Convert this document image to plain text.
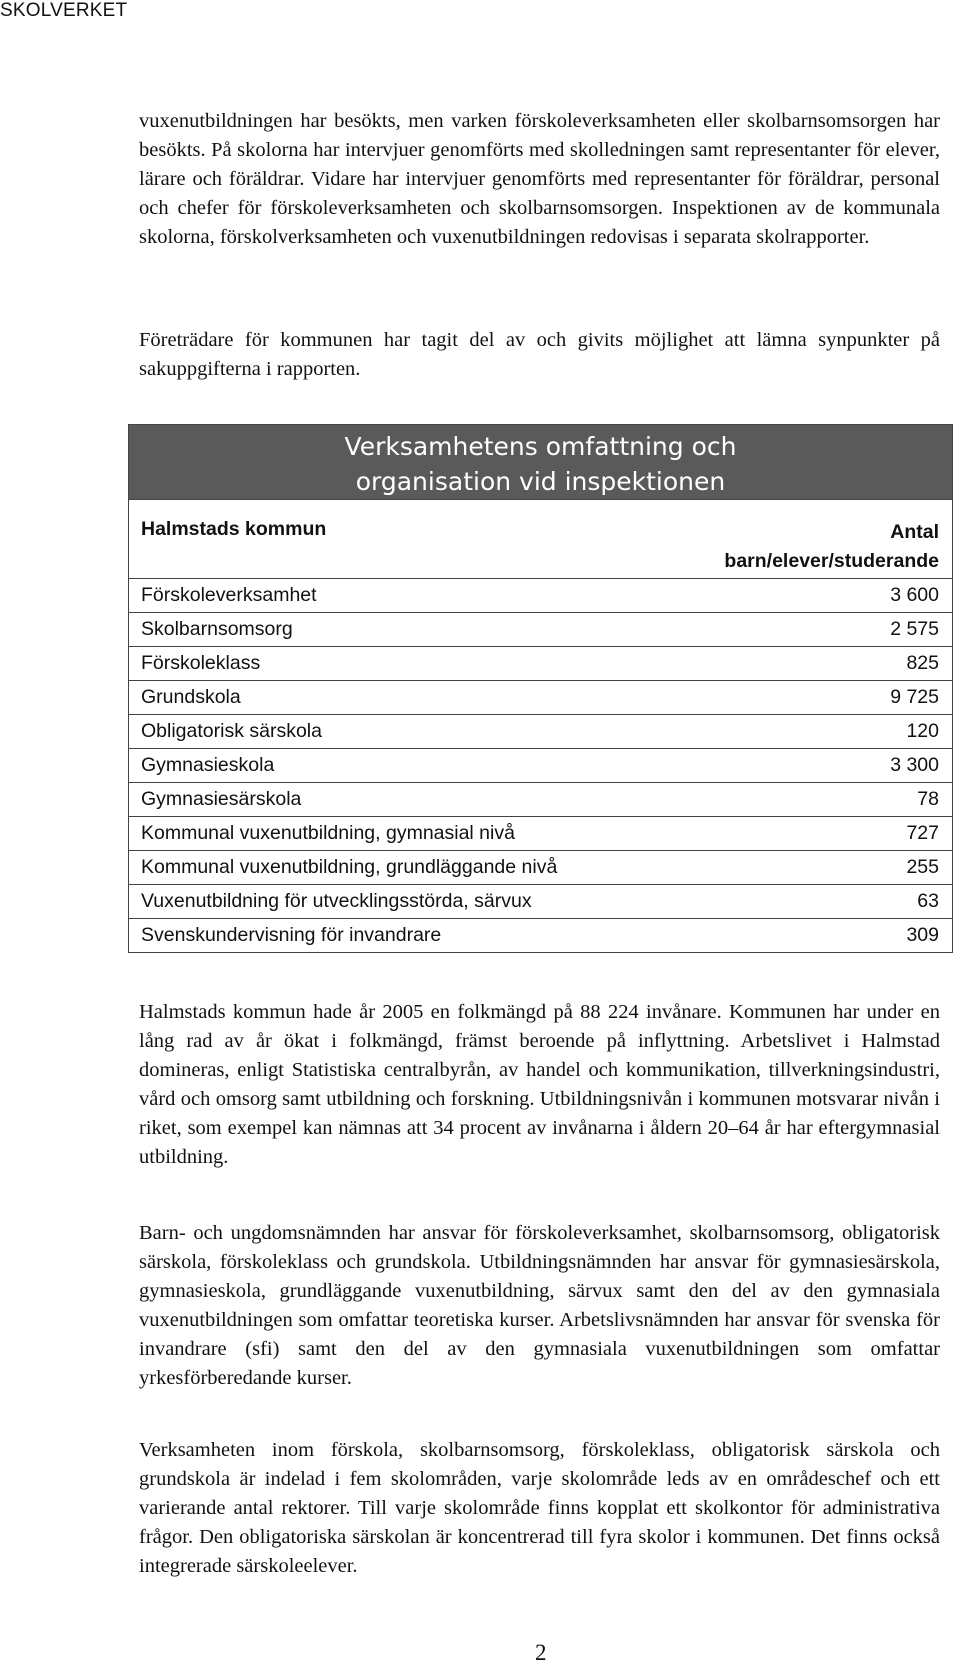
SKOLVERKET

vuxenutbildningen har besökts, men varken förskoleverksamheten eller skolbarnsomsorgen har besökts. På skolorna har intervjuer genomförts med skolledningen samt representanter för elever, lärare och föräldrar. Vidare har intervjuer genomförts med representanter för föräldrar, personal och chefer för förskoleverksamheten och skolbarnsomsorgen. Inspektionen av de kommunala skolorna, förskolverksamheten och vuxenutbildningen redovisas i separata skolrapporter.

Företrädare för kommunen har tagit del av och givits möjlighet att lämna synpunkter på sakuppgifterna i rapporten.

Verksamhetens omfattning och
organisation vid inspektionen
Halmstads kommun	Antal
barn/elever/studerande
Förskoleverksamhet	3 600
Skolbarnsomsorg	2 575
Förskoleklass	825
Grundskola	9 725
Obligatorisk särskola	120
Gymnasieskola	3 300
Gymnasiesärskola	78
Kommunal vuxenutbildning, gymnasial nivå	727
Kommunal vuxenutbildning, grundläggande nivå	255
Vuxenutbildning för utvecklingsstörda, särvux	63
Svenskundervisning för invandrare	309

Halmstads kommun hade år 2005 en folkmängd på 88 224 invånare. Kommunen har under en lång rad av år ökat i folkmängd, främst beroende på inflyttning. Arbetslivet i Halmstad domineras, enligt Statistiska centralbyrån, av handel och kommunikation, tillverkningsindustri, vård och omsorg samt utbildning och forskning. Utbildningsnivån i kommunen motsvarar nivån i riket, som exempel kan nämnas att 34 procent av invånarna i åldern 20–64 år har eftergymnasial utbildning.

Barn- och ungdomsnämnden har ansvar för förskoleverksamhet, skolbarnsomsorg, obligatorisk särskola, förskoleklass och grundskola. Utbildningsnämnden har ansvar för gymnasiesärskola, gymnasieskola, grundläggande vuxenutbildning, särvux samt den del av den gymnasiala vuxenutbildningen som omfattar teoretiska kurser. Arbetslivsnämnden har ansvar för svenska för invandrare (sfi) samt den del av den gymnasiala vuxenutbildningen som omfattar yrkesförberedande kurser.

Verksamheten inom förskola, skolbarnsomsorg, förskoleklass, obligatorisk särskola och grundskola är indelad i fem skolområden, varje skolområde leds av en områdeschef och ett varierande antal rektorer. Till varje skolområde finns kopplat ett skolkontor för administrativa frågor. Den obligatoriska särskolan är koncentrerad till fyra skolor i kommunen. Det finns också integrerade särskoleelever.

2
